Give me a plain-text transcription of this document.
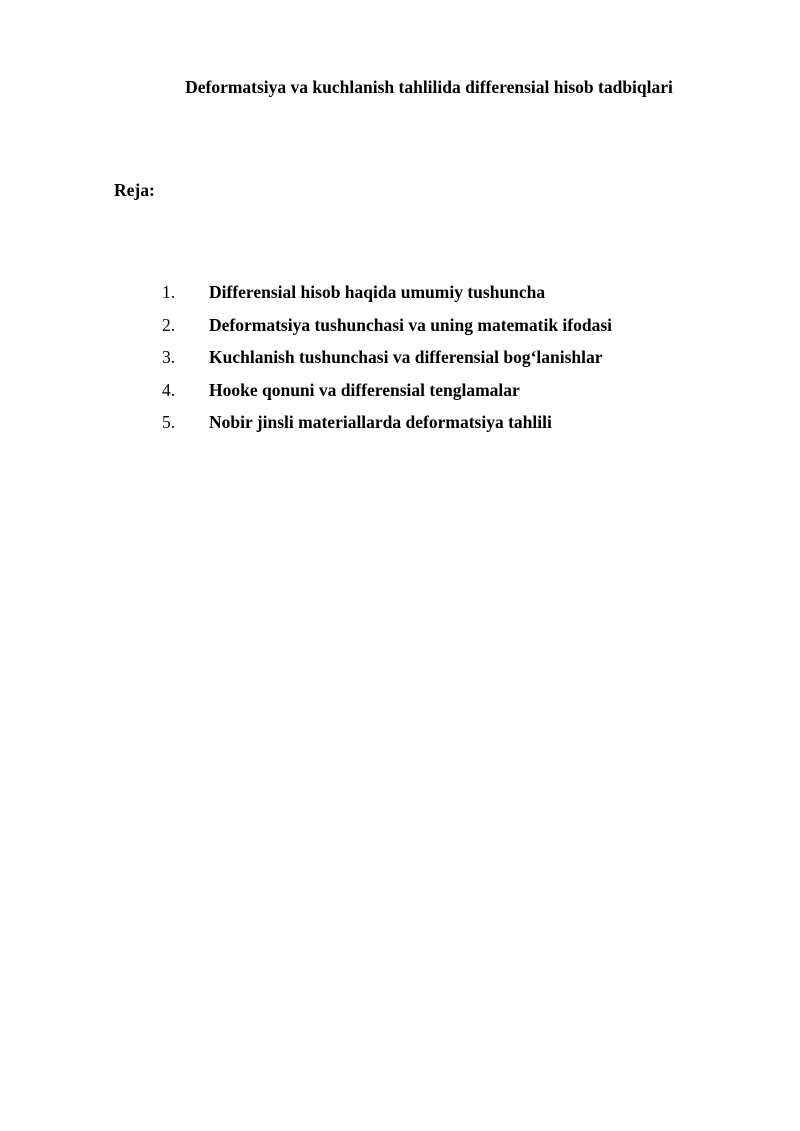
Deformatsiya va kuchlanish tahlilida differensial hisob tadbiqlari
Reja:
1. Differensial hisob haqida umumiy tushuncha
2. Deformatsiya tushunchasi va uning matematik ifodasi
3. Kuchlanish tushunchasi va differensial bog‘lanishlar
4. Hooke qonuni va differensial tenglamalar
5. Nobir jinsli materiallarda deformatsiya tahlili
